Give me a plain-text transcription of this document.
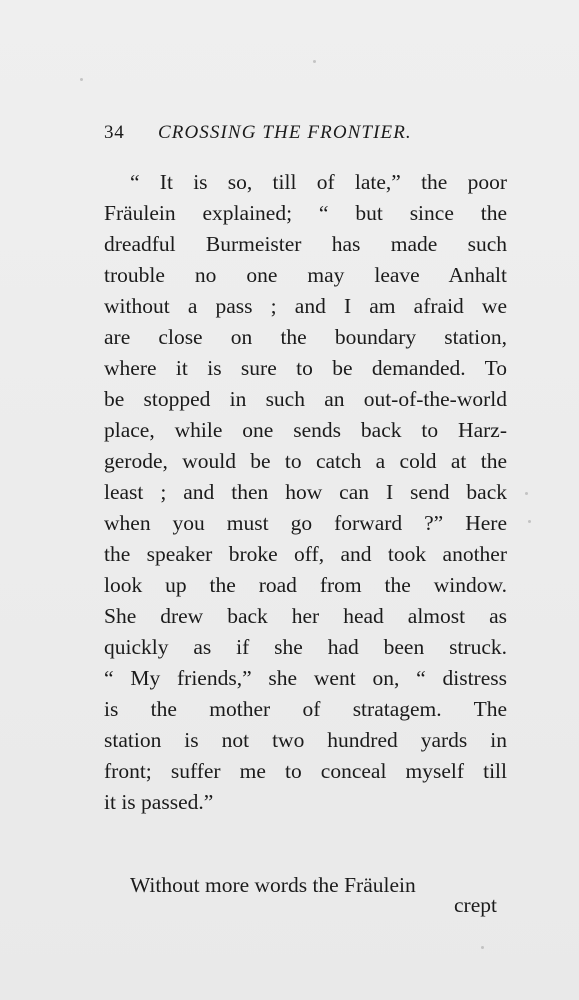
34 CROSSING THE FRONTIER.
“ It is so, till of late,” the poor
Fräulein explained; “ but since the
dreadful Burmeister has made such
trouble no one may leave Anhalt
without a pass ; and I am afraid we
are close on the boundary station,
where it is sure to be demanded. To
be stopped in such an out-of-the-world
place, while one sends back to Harz-
gerode, would be to catch a cold at the
least ; and then how can I send back
when you must go forward ?” Here
the speaker broke off, and took another
look up the road from the window.
She drew back her head almost as
quickly as if she had been struck.
“ My friends,” she went on, “ distress
is the mother of stratagem. The
station is not two hundred yards in
front; suffer me to conceal myself till
it is passed.”
Without more words the Fräulein
crept
